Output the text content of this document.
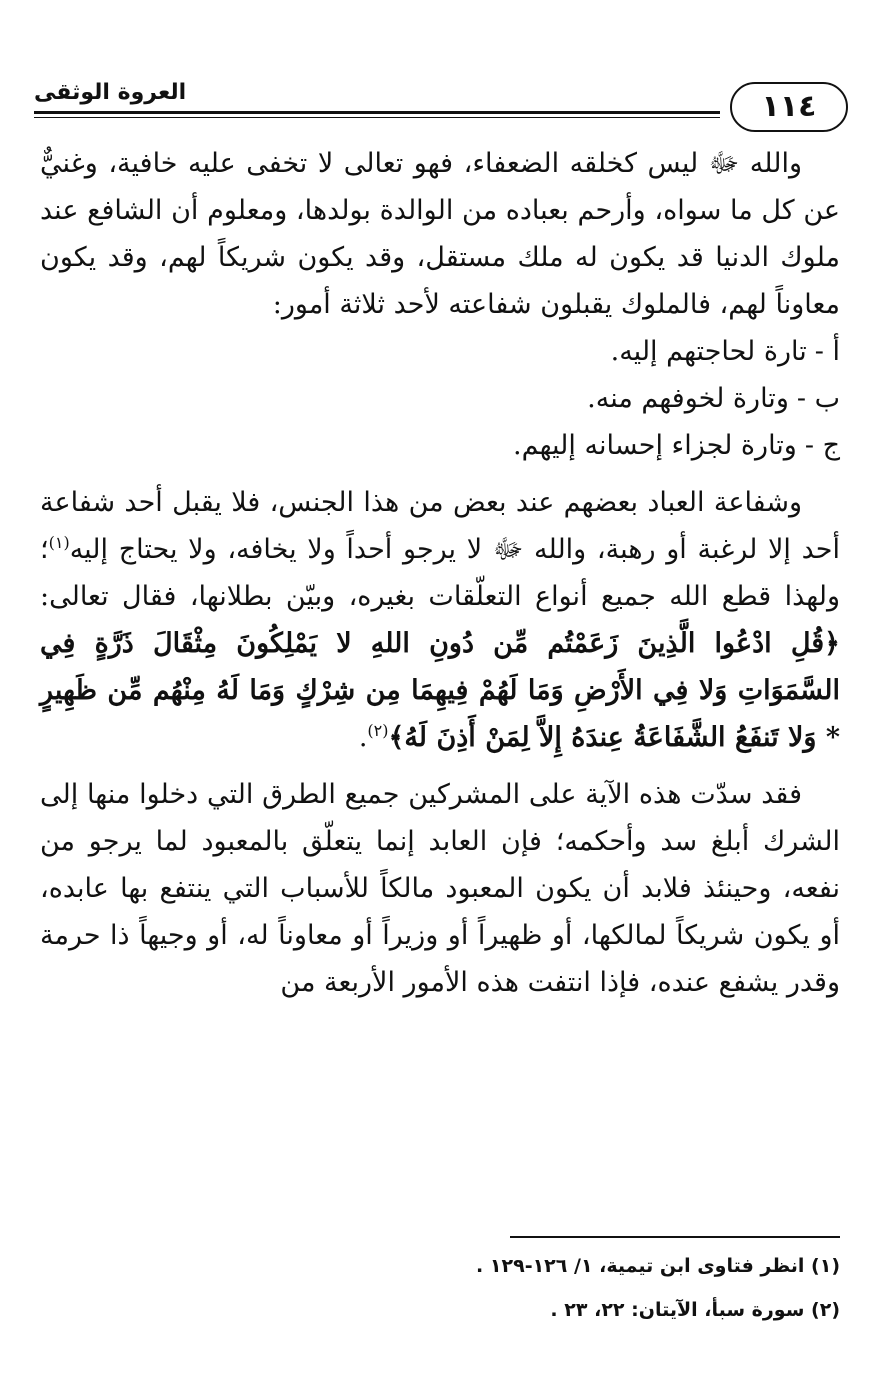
العروة الوثقى	١١٤

والله ﷻ ليس كخلقه الضعفاء، فهو تعالى لا تخفى عليه خافية، وغنيٌّ عن كل ما سواه، وأرحم بعباده من الوالدة بولدها، ومعلوم أن الشافع عند ملوك الدنيا قد يكون له ملك مستقل، وقد يكون شريكاً لهم، وقد يكون معاوناً لهم، فالملوك يقبلون شفاعته لأحد ثلاثة أمور:

أ -تارة لحاجتهم إليه.

ب -وتارة لخوفهم منه.

ج -وتارة لجزاء إحسانه إليهم.

وشفاعة العباد بعضهم عند بعض من هذا الجنس، فلا يقبل أحد شفاعة أحد إلا لرغبة أو رهبة، والله ﷻ لا يرجو أحداً ولا يخافه، ولا يحتاج إليه$^{(١)}$؛ ولهذا قطع الله جميع أنواع التعلّقات بغيره، وبيّن بطلانها، فقال تعالى: ﴿قُلِ ادْعُوا الَّذِينَ زَعَمْتُم مِّن دُونِ اللهِ لا يَمْلِكُونَ مِثْقَالَ ذَرَّةٍ فِي السَّمَوَاتِ وَلا فِي الأَرْضِ وَمَا لَهُمْ فِيهِمَا مِن شِرْكٍ وَمَا لَهُ مِنْهُم مِّن ظَهِيرٍ * وَلا تَنفَعُ الشَّفَاعَةُ عِندَهُ إِلاَّ لِمَنْ أَذِنَ لَهُ﴾$^{(٢)}$.

فقد سدّت هذه الآية على المشركين جميع الطرق التي دخلوا منها إلى الشرك أبلغ سد وأحكمه؛ فإن العابد إنما يتعلّق بالمعبود لما يرجو من نفعه، وحينئذ فلابد أن يكون المعبود مالكاً للأسباب التي ينتفع بها عابده، أو يكون شريكاً لمالكها، أو ظهيراً أو وزيراً أو معاوناً له، أو وجيهاً ذا حرمة وقدر يشفع عنده، فإذا انتفت هذه الأمور الأربعة من

(١) انظر فتاوى ابن تيمية، ١/ ١٢٦-١٢٩ .

(٢) سورة سبأ، الآيتان: ٢٢، ٢٣ .
